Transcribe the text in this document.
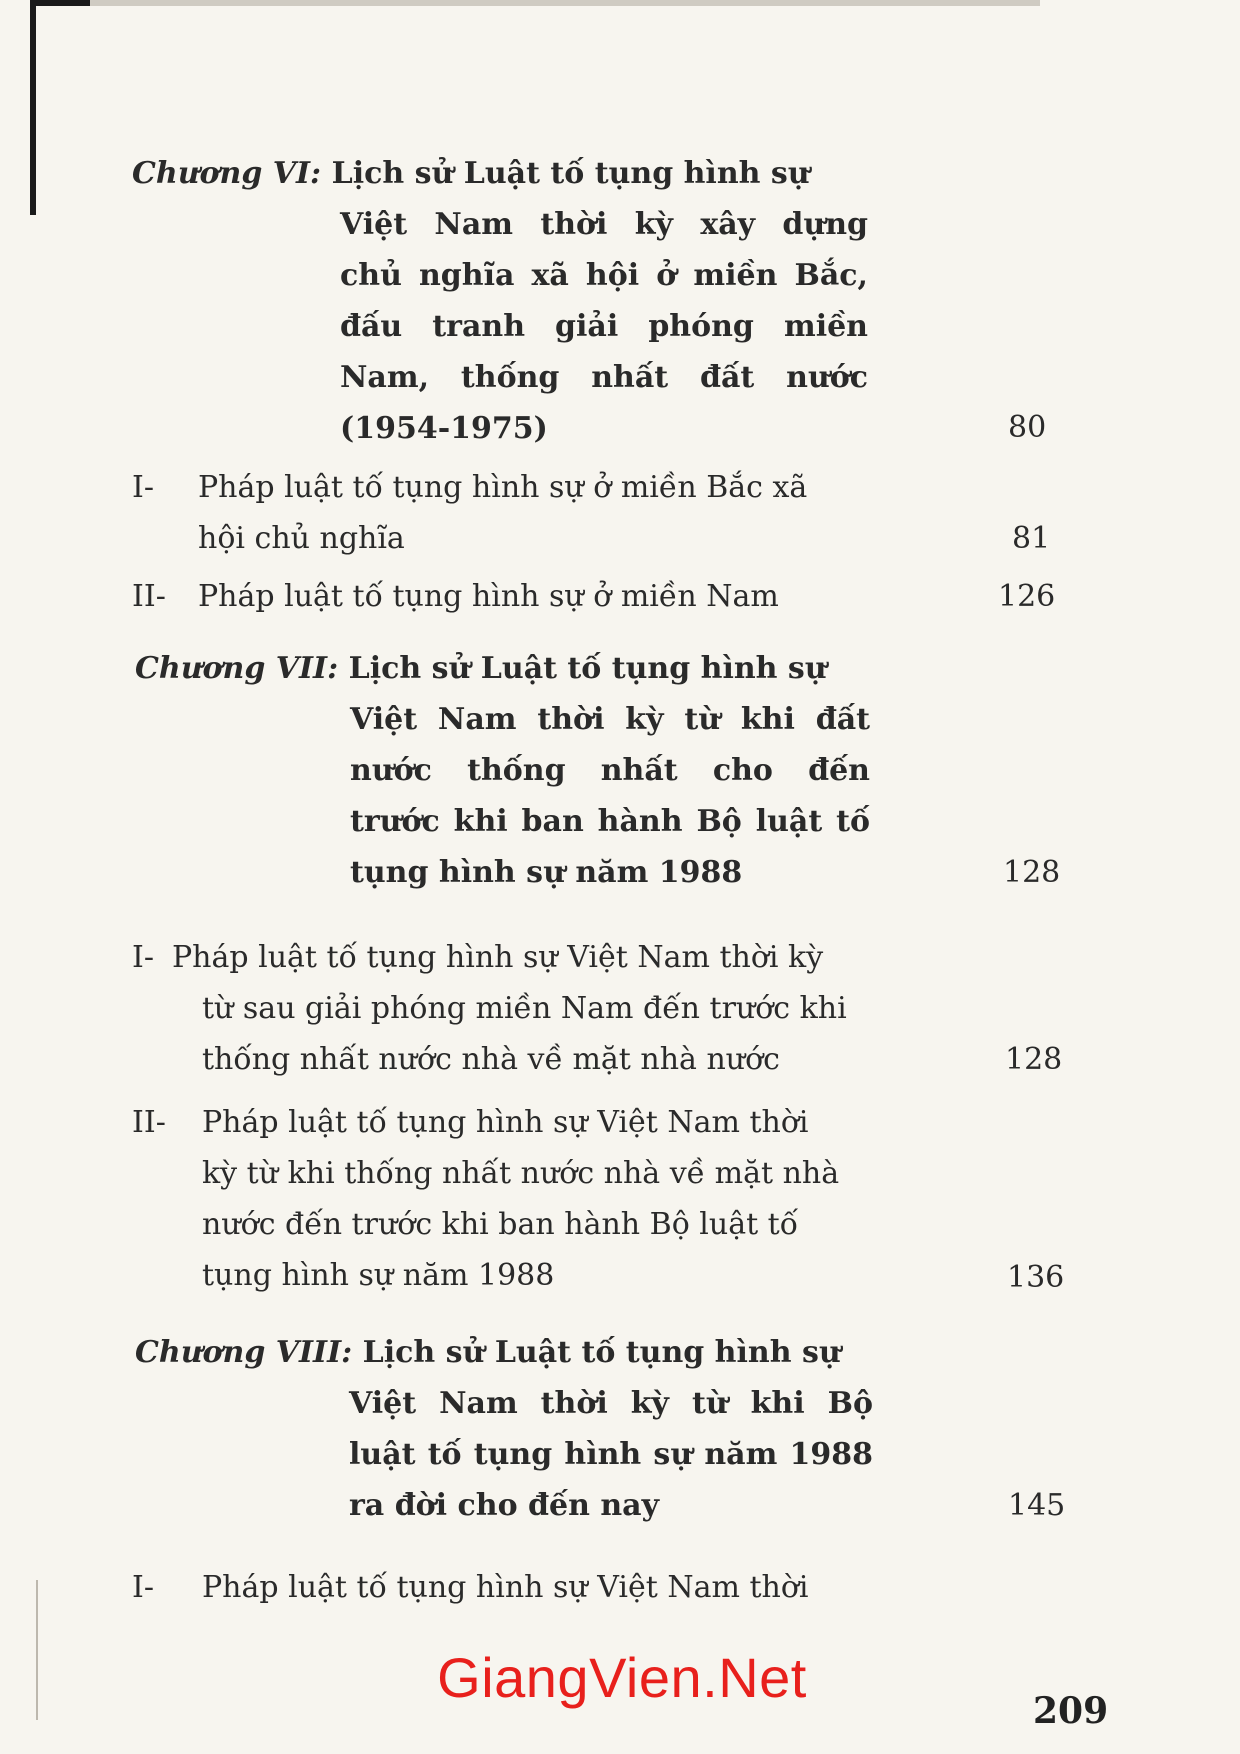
Chương VI: Lịch sử Luật tố tụng hình sự
Việt Nam thời kỳ xây dựng
chủ nghĩa xã hội ở miền Bắc,
đấu tranh giải phóng miền
Nam, thống nhất đất nước
(1954-1975)	80
I- Pháp luật tố tụng hình sự ở miền Bắc xã
hội chủ nghĩa	81
II- Pháp luật tố tụng hình sự ở miền Nam	126
Chương VII: Lịch sử Luật tố tụng hình sự
Việt Nam thời kỳ từ khi đất
nước thống nhất cho đến
trước khi ban hành Bộ luật tố
tụng hình sự năm 1988	128
I- Pháp luật tố tụng hình sự Việt Nam thời kỳ
từ sau giải phóng miền Nam đến trước khi
thống nhất nước nhà về mặt nhà nước	128
II- Pháp luật tố tụng hình sự Việt Nam thời
kỳ từ khi thống nhất nước nhà về mặt nhà
nước đến trước khi ban hành Bộ luật tố
tụng hình sự năm 1988	136
Chương VIII: Lịch sử Luật tố tụng hình sự
Việt Nam thời kỳ từ khi Bộ
luật tố tụng hình sự năm 1988
ra đời cho đến nay	145
I- Pháp luật tố tụng hình sự Việt Nam thời
GiangVien.Net
209
